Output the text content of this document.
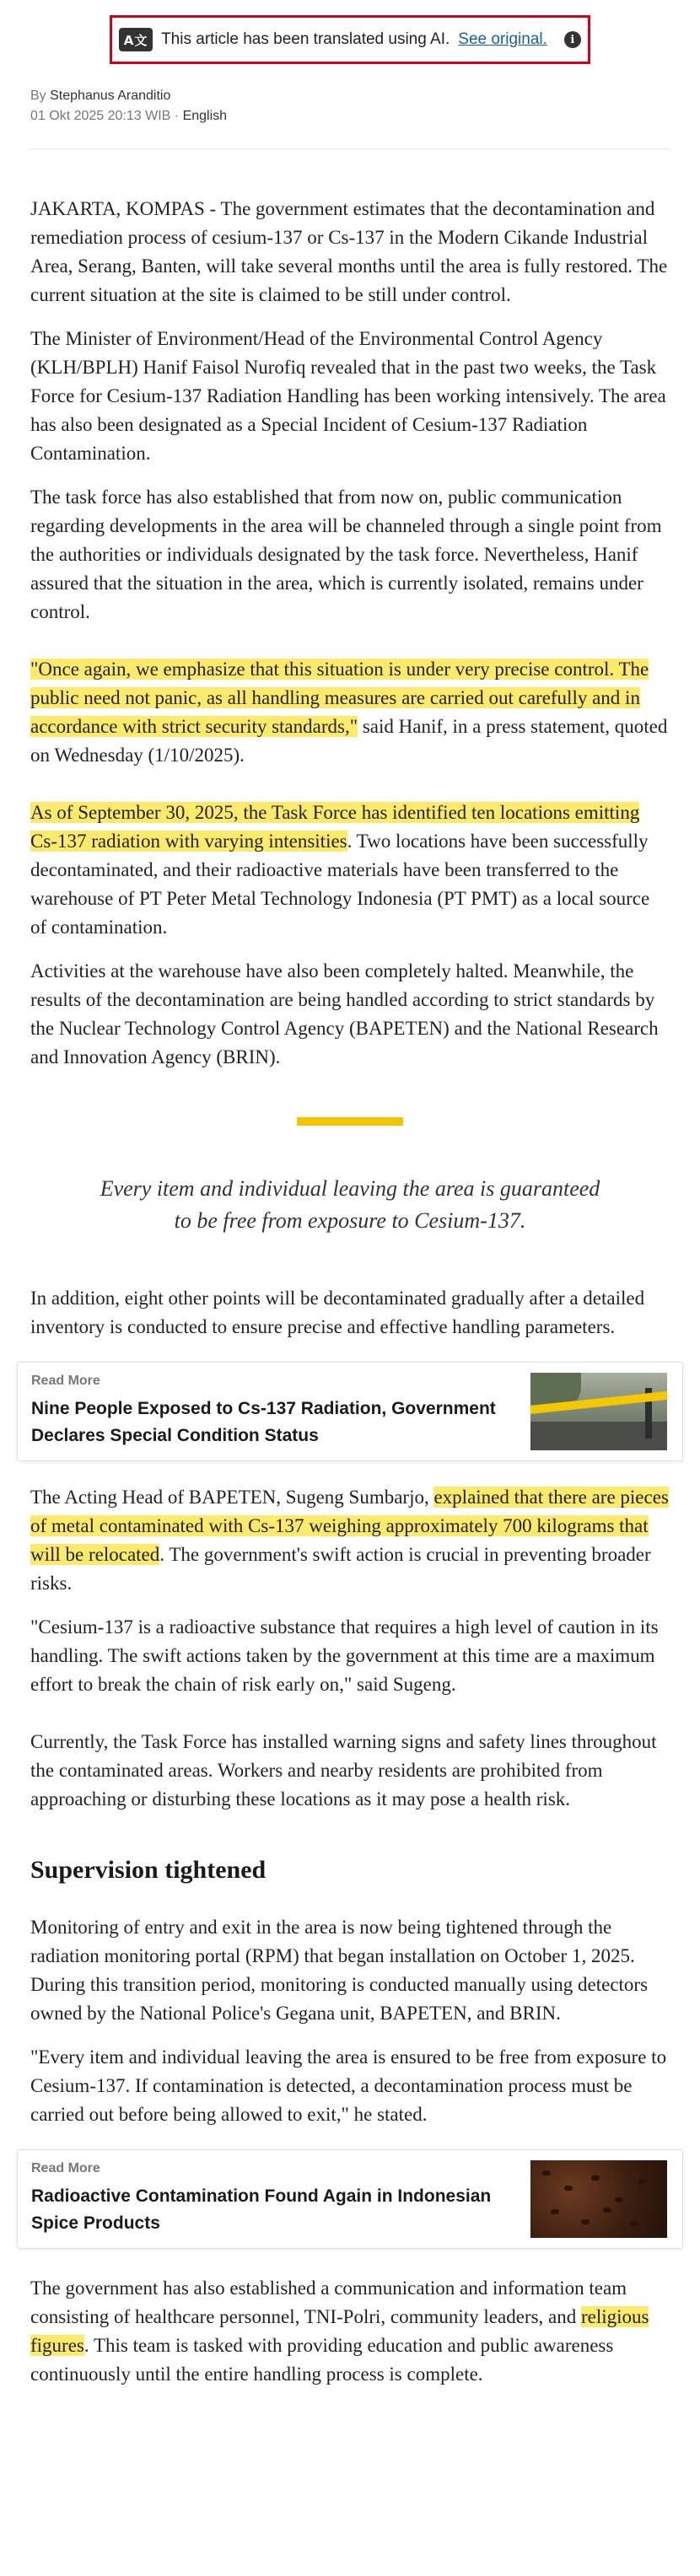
A文 This article has been translated using AI. See original.	i
By Stephanus Aranditio
01 Okt 2025 20:13 WIB · English

JAKARTA, KOMPAS - The government estimates that the decontamination and remediation process of cesium-137 or Cs-137 in the Modern Cikande Industrial Area, Serang, Banten, will take several months until the area is fully restored. The current situation at the site is claimed to be still under control.

The Minister of Environment/Head of the Environmental Control Agency (KLH/BPLH) Hanif Faisol Nurofiq revealed that in the past two weeks, the Task Force for Cesium-137 Radiation Handling has been working intensively. The area has also been designated as a Special Incident of Cesium-137 Radiation Contamination.

The task force has also established that from now on, public communication regarding developments in the area will be channeled through a single point from the authorities or individuals designated by the task force. Nevertheless, Hanif assured that the situation in the area, which is currently isolated, remains under control.

"Once again, we emphasize that this situation is under very precise control. The public need not panic, as all handling measures are carried out carefully and in accordance with strict security standards," said Hanif, in a press statement, quoted on Wednesday (1/10/2025).

As of September 30, 2025, the Task Force has identified ten locations emitting Cs-137 radiation with varying intensities. Two locations have been successfully decontaminated, and their radioactive materials have been transferred to the warehouse of PT Peter Metal Technology Indonesia (PT PMT) as a local source of contamination.

Activities at the warehouse have also been completely halted. Meanwhile, the results of the decontamination are being handled according to strict standards by the Nuclear Technology Control Agency (BAPETEN) and the National Research and Innovation Agency (BRIN).

Every item and individual leaving the area is guaranteed to be free from exposure to Cesium-137.

In addition, eight other points will be decontaminated gradually after a detailed inventory is conducted to ensure precise and effective handling parameters.

Read More
Nine People Exposed to Cs-137 Radiation, Government Declares Special Condition Status

The Acting Head of BAPETEN, Sugeng Sumbarjo, explained that there are pieces of metal contaminated with Cs-137 weighing approximately 700 kilograms that will be relocated. The government's swift action is crucial in preventing broader risks.

"Cesium-137 is a radioactive substance that requires a high level of caution in its handling. The swift actions taken by the government at this time are a maximum effort to break the chain of risk early on," said Sugeng.

Currently, the Task Force has installed warning signs and safety lines throughout the contaminated areas. Workers and nearby residents are prohibited from approaching or disturbing these locations as it may pose a health risk.

Supervision tightened

Monitoring of entry and exit in the area is now being tightened through the radiation monitoring portal (RPM) that began installation on October 1, 2025. During this transition period, monitoring is conducted manually using detectors owned by the National Police's Gegana unit, BAPETEN, and BRIN.

"Every item and individual leaving the area is ensured to be free from exposure to Cesium-137. If contamination is detected, a decontamination process must be carried out before being allowed to exit," he stated.

Read More
Radioactive Contamination Found Again in Indonesian Spice Products

The government has also established a communication and information team consisting of healthcare personnel, TNI-Polri, community leaders, and religious figures. This team is tasked with providing education and public awareness continuously until the entire handling process is complete.
